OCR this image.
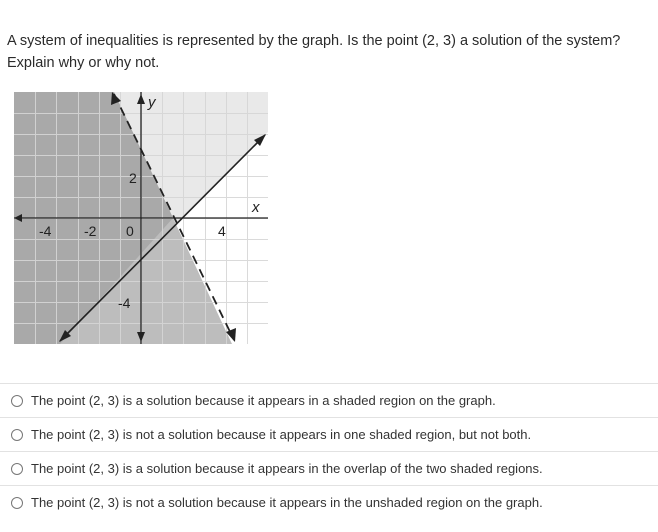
A system of inequalities is represented by the graph. Is the point (2, 3) a solution of the system? Explain why or why not.
y
x
-4 -2 0	4
2
-4
The point (2, 3) is a solution because it appears in a shaded region on the graph.
The point (2, 3) is not a solution because it appears in one shaded region, but not both.
The point (2, 3) is a solution because it appears in the overlap of the two shaded regions.
The point (2, 3) is not a solution because it appears in the unshaded region on the graph.
